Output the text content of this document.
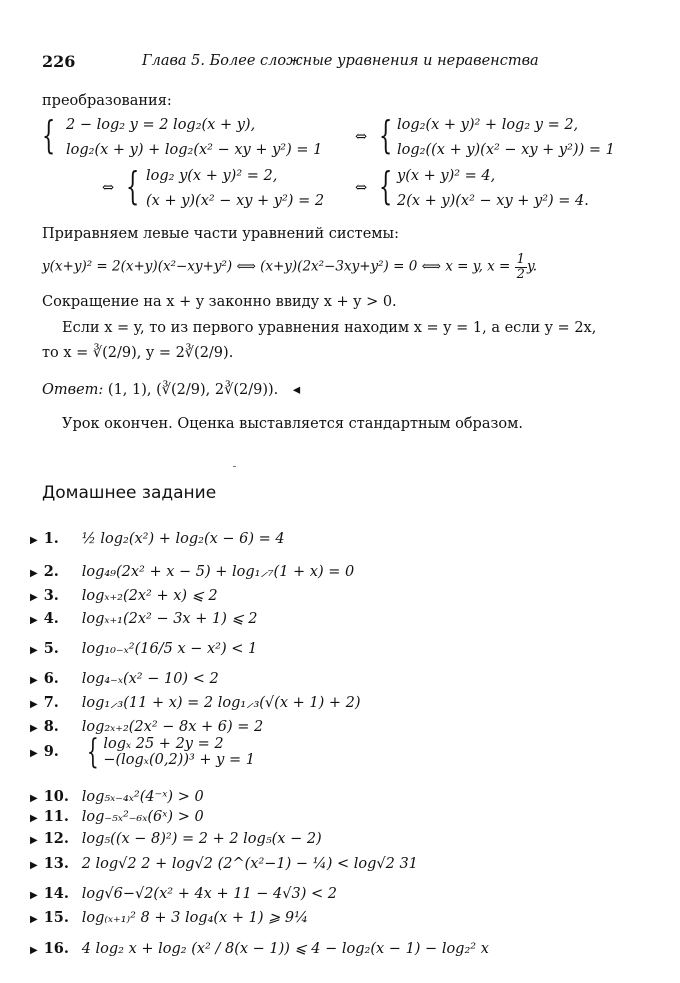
226	Глава 5. Более сложные уравнения и неравенства
преобразования:
{ 2 − log₂ y = 2 log₂(x + y),
log₂(x + y) + log₂(x² − xy + y²) = 1
⇔ { log₂(x + y)² + log₂ y = 2,
log₂((x + y)(x² − xy + y²)) = 1
⇔ { log₂ y(x + y)² = 2,
(x + y)(x² − xy + y²) = 2
⇔ { y(x + y)² = 4,
2(x + y)(x² − xy + y²) = 4.
Приравняем левые части уравнений системы:
y(x+y)² = 2(x+y)(x²−xy+y²) ⟺ (x+y)(2x²−3xy+y²) = 0 ⟺ x = y, $x = \frac{1}{2} y$.
Сокращение на x + y законно ввиду x + y > 0.
Если x = y, то из первого уравнения находим x = y = 1, а если y = 2x,
то x = ∛(2/9), y = 2∛(2/9).
Ответ: (1, 1), (∛(2/9), 2∛(2/9)). ◂
Урок окончен. Оценка выставляется стандартным образом.
Домашнее задание
▶ 1. ½ log₂(x²) + log₂(x − 6) = 4
▶ 2. log₄₉(2x² + x − 5) + log₁⸝₇(1 + x) = 0
▶ 3. logₓ₊₂(2x² + x) ⩽ 2
▶ 4. logₓ₊₁(2x² − 3x + 1) ⩽ 2
▶ 5. log₁₀₋ₓ²(16/5 x − x²) < 1
▶ 6. log₄₋ₓ(x² − 10) < 2
▶ 7. log₁⸝₃(11 + x) = 2 log₁⸝₃(√(x + 1) + 2)
▶ 8. log₂ₓ₊₂(2x² − 8x + 6) = 2
▶ 9. { logₓ 25 + 2y = 2
−(logₓ(0,2))³ + y = 1
▶ 10. log₅ₓ₋₄ₓ²(4⁻ˣ) > 0
▶ 11. log₋₅ₓ²₋₆ₓ(6ˣ) > 0
▶ 12. log₅((x − 8)²) = 2 + 2 log₅(x − 2)
▶ 13. 2 log√2 2 + log√2 (2^(x²−1) − ¼) < log√2 31
▶ 14. log√6−√2(x² + 4x + 11 − 4√3) < 2
▶ 15. log₍ₓ₊₁₎² 8 + 3 log₄(x + 1) ⩾ 9¼
▶ 16. 4 log₂ x + log₂ (x² / 8(x − 1)) ⩽ 4 − log₂(x − 1) − log₂² x
